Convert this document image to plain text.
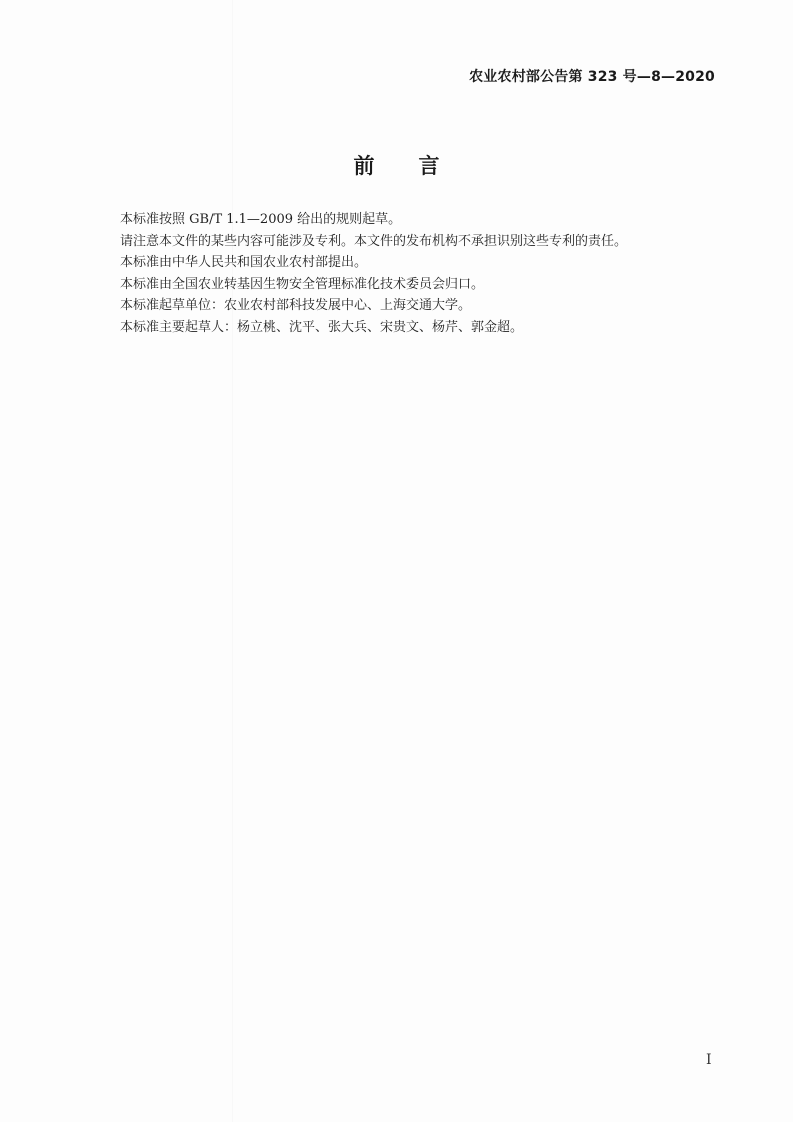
农业农村部公告第 323 号—8—2020
前言

本标准按照 GB/T 1.1—2009 给出的规则起草。

请注意本文件的某些内容可能涉及专利。本文件的发布机构不承担识别这些专利的责任。

本标准由中华人民共和国农业农村部提出。

本标准由全国农业转基因生物安全管理标准化技术委员会归口。

本标准起草单位：农业农村部科技发展中心、上海交通大学。

本标准主要起草人：杨立桃、沈平、张大兵、宋贵文、杨芹、郭金超。

I
